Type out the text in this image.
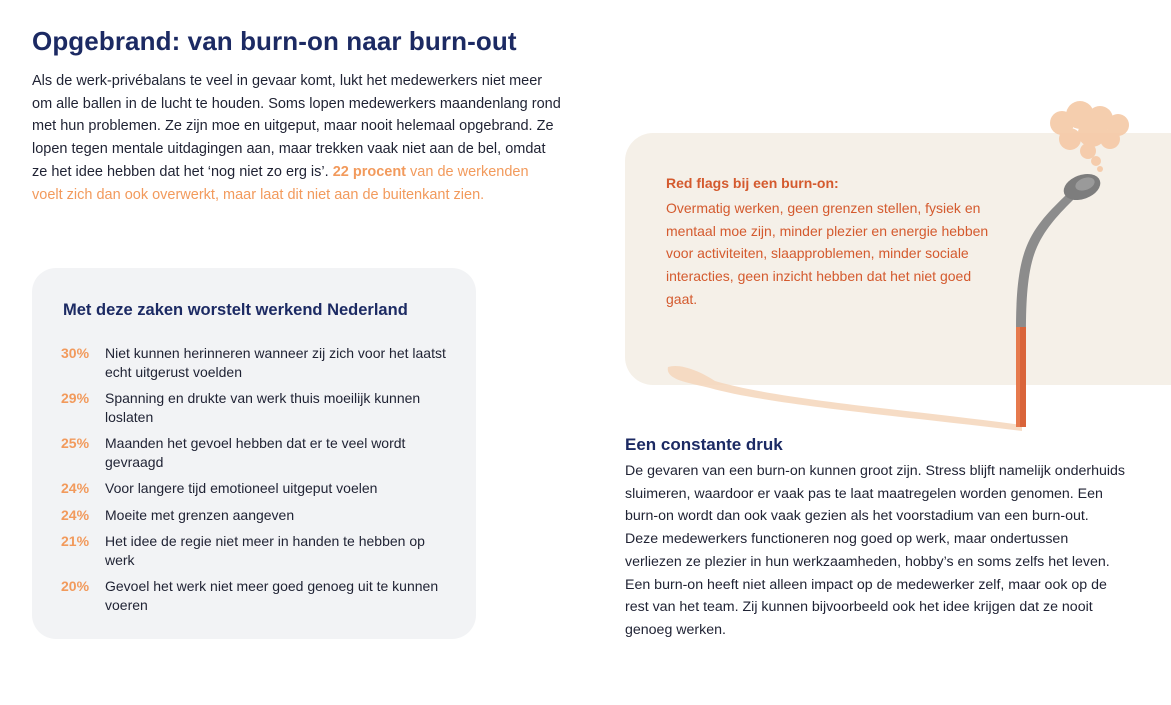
Opgebrand: van burn-on naar burn-out

Als de werk-privébalans te veel in gevaar komt, lukt het medewerkers niet meer om alle ballen in de lucht te houden. Soms lopen medewerkers maandenlang rond met hun problemen. Ze zijn moe en uitgeput, maar nooit helemaal opgebrand. Ze lopen tegen mentale uitdagingen aan, maar trekken vaak niet aan de bel, omdat ze het idee hebben dat het ‘nog niet zo erg is’. 22 procent van de werkenden voelt zich dan ook overwerkt, maar laat dit niet aan de buitenkant zien.

Met deze zaken worstelt werkend Nederland
30%	Niet kunnen herinneren wanneer zij zich voor het laatst echt uitgerust voelden
29%	Spanning en drukte van werk thuis moeilijk kunnen loslaten
25%	Maanden het gevoel hebben dat er te veel wordt gevraagd
24%	Voor langere tijd emotioneel uitgeput voelen
24%	Moeite met grenzen aangeven
21%	Het idee de regie niet meer in handen te hebben op werk
20%	Gevoel het werk niet meer goed genoeg uit te kunnen voeren
Red flags bij een burn-on:

Overmatig werken, geen grenzen stellen, fysiek en mentaal moe zijn, minder plezier en energie hebben voor activiteiten, slaapproblemen, minder sociale interacties, geen inzicht hebben dat het niet goed gaat.

Een constante druk

De gevaren van een burn-on kunnen groot zijn. Stress blijft namelijk onderhuids sluimeren, waardoor er vaak pas te laat maatregelen worden genomen. Een burn-on wordt dan ook vaak gezien als het voorstadium van een burn-out. Deze medewerkers functioneren nog goed op werk, maar ondertussen verliezen ze plezier in hun werkzaamheden, hobby’s en soms zelfs het leven. Een burn-on heeft niet alleen impact op de medewerker zelf, maar ook op de rest van het team. Zij kunnen bijvoorbeeld ook het idee krijgen dat ze nooit genoeg werken.
